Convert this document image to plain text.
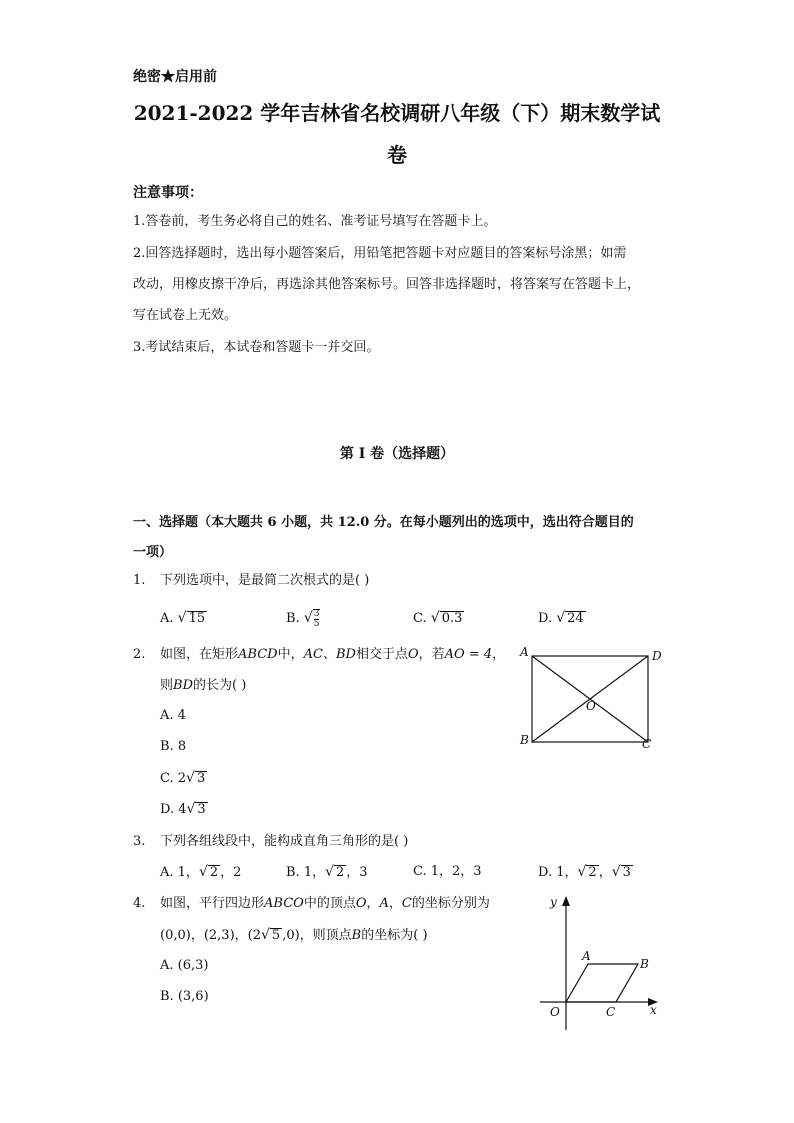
绝密★启用前
2021-2022 学年吉林省名校调研八年级（下）期末数学试
卷
注意事项：
1.答卷前，考生务必将自己的姓名、准考证号填写在答题卡上。
2.回答选择题时，选出每小题答案后，用铅笔把答题卡对应题目的答案标号涂黑；如需
改动，用橡皮擦干净后，再选涂其他答案标号。回答非选择题时，将答案写在答题卡上，
写在试卷上无效。
3.考试结束后，本试卷和答题卡一并交回。
第 I 卷（选择题）
一、选择题（本大题共 6 小题，共 12.0 分。在每小题列出的选项中，选出符合题目的
一项）
1. 下列选项中，是最简二次根式的是( )
A. √ 15	B. √ $\frac{3}{5}$	C. √ 0.3	D. √ 24
2. 如图，在矩形ABCD中，AC、BD相交于点O，若AO = 4，
则BD的长为( )
A. 4
B. 8
C. 2√ 3
D. 4√ 3
A	D
O
B	C
3. 下列各组线段中，能构成直角三角形的是( )
A. 1，√ 2 ，2	B. 1，√ 2 ，3	C. 1，2，3	D. 1，√ 2 ，√ 3
4. 如图，平行四边形ABCO中的顶点O，A，C的坐标分别为
(0,0)，(2,3)，(2√ 5 ,0)，则顶点B的坐标为( )
A. (6,3)
B. (3,6)
y
x
A
B
C
O
